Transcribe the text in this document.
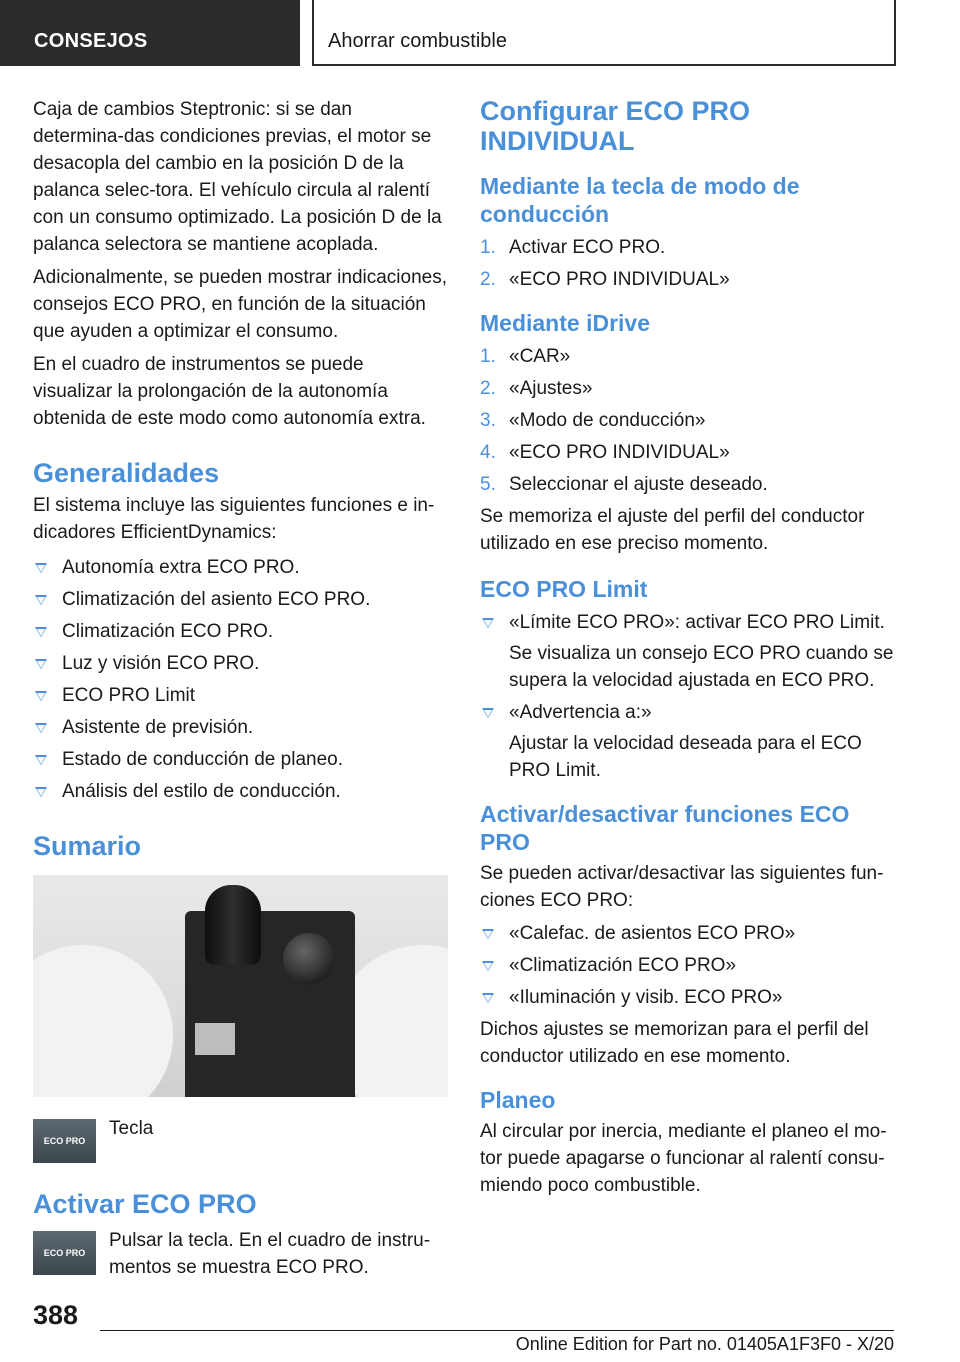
CONSEJOS	Ahorrar combustible

Caja de cambios Steptronic: si se dan determina‐das condiciones previas, el motor se desacopla del cambio en la posición D de la palanca selec‐tora. El vehículo circula al ralentí con un consumo optimizado. La posición D de la palanca selectora se mantiene acoplada.

Adicionalmente, se pueden mostrar indicaciones, consejos ECO PRO, en función de la situación que ayuden a optimizar el consumo.

En el cuadro de instrumentos se puede visualizar la prolongación de la autonomía obtenida de este modo como autonomía extra.

Generalidades

El sistema incluye las siguientes funciones e in‐dicadores EfficientDynamics:

Autonomía extra ECO PRO.
Climatización del asiento ECO PRO.
Climatización ECO PRO.
Luz y visión ECO PRO.
ECO PRO Limit
Asistente de previsión.
Estado de conducción de planeo.
Análisis del estilo de conducción.
Sumario
ECO PRO
Tecla
Activar ECO PRO
ECO PRO
Pulsar la tecla. En el cuadro de instru‐mentos se muestra ECO PRO.
Configurar ECO PRO INDIVIDUAL
Mediante la tecla de modo de conducción
1. Activar ECO PRO.
2. «ECO PRO INDIVIDUAL»
Mediante iDrive
1. «CAR»
2. «Ajustes»
3. «Modo de conducción»
4. «ECO PRO INDIVIDUAL»
5. Seleccionar el ajuste deseado.

Se memoriza el ajuste del perfil del conductor utilizado en ese preciso momento.

ECO PRO Limit
«Límite ECO PRO»: activar ECO PRO Limit.
Se visualiza un consejo ECO PRO cuando se supera la velocidad ajustada en ECO PRO.
«Advertencia a:»
Ajustar la velocidad deseada para el ECO PRO Limit.
Activar/desactivar funciones ECO PRO

Se pueden activar/desactivar las siguientes fun‐ciones ECO PRO:

«Calefac. de asientos ECO PRO»
«Climatización ECO PRO»
«Iluminación y visib. ECO PRO»

Dichos ajustes se memorizan para el perfil del conductor utilizado en ese momento.

Planeo

Al circular por inercia, mediante el planeo el mo‐tor puede apagarse o funcionar al ralentí consu‐miendo poco combustible.

388
Online Edition for Part no. 01405A1F3F0 - X/20
